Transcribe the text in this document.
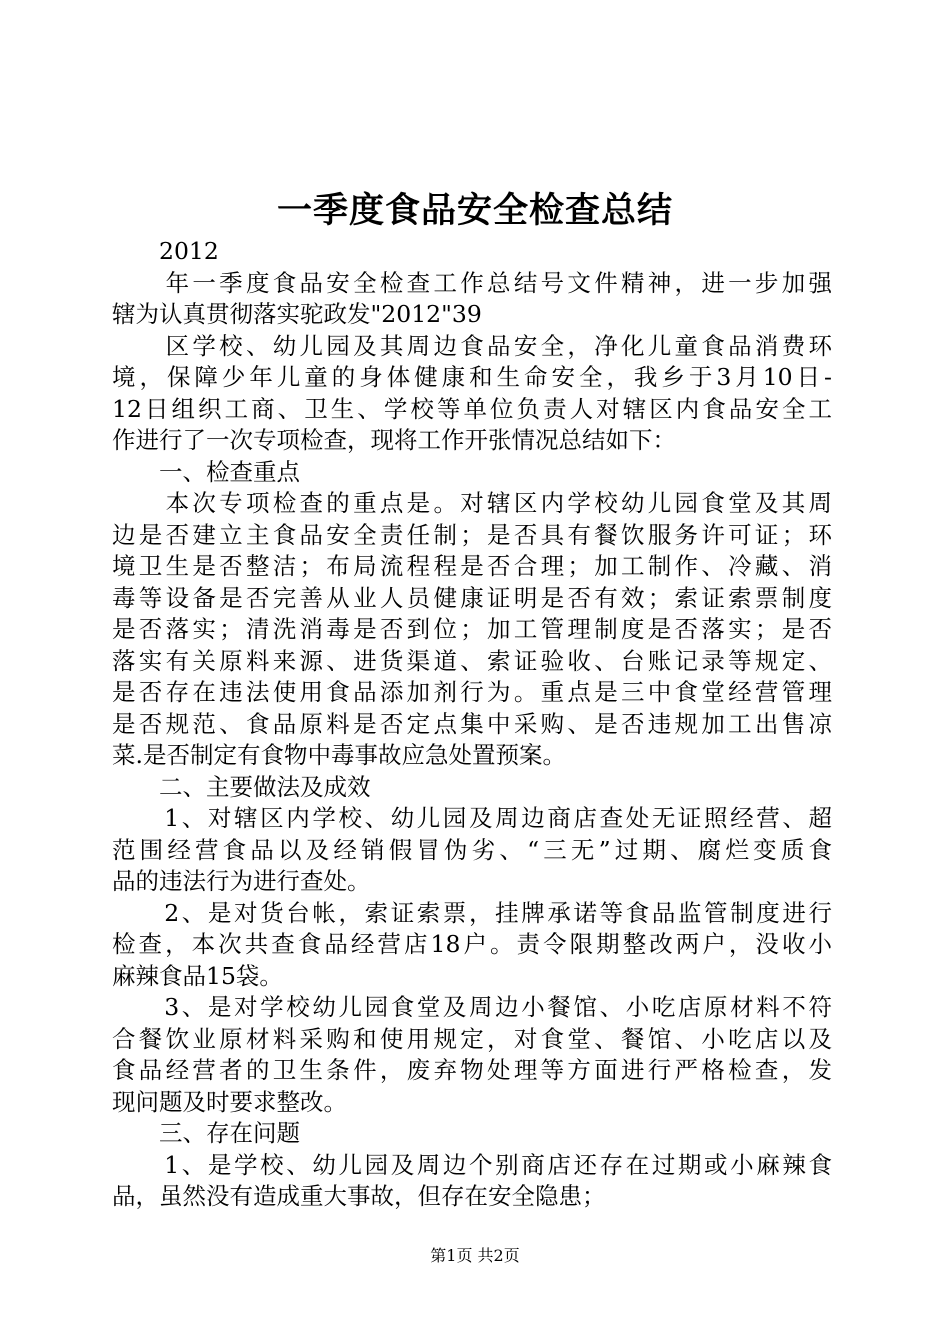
一季度食品安全检查总结
　　2012
　　年一季度食品安全检查工作总结号文件精神，进一步加强
辖为认真贯彻落实驼政发"2012"39
　　区学校、幼儿园及其周边食品安全，净化儿童食品消费环
境，保障少年儿童的身体健康和生命安全，我乡于3月10日-
12日组织工商、卫生、学校等单位负责人对辖区内食品安全工
作进行了一次专项检查，现将工作开张情况总结如下：
　　一、检查重点
　　本次专项检查的重点是。对辖区内学校幼儿园食堂及其周
边是否建立主食品安全责任制；是否具有餐饮服务许可证；环
境卫生是否整洁；布局流程程是否合理；加工制作、冷藏、消
毒等设备是否完善从业人员健康证明是否有效；索证索票制度
是否落实；清洗消毒是否到位；加工管理制度是否落实；是否
落实有关原料来源、进货渠道、索证验收、台账记录等规定、
是否存在违法使用食品添加剂行为。重点是三中食堂经营管理
是否规范、食品原料是否定点集中采购、是否违规加工出售凉
菜.是否制定有食物中毒事故应急处置预案。
　　二、主要做法及成效
　　1、对辖区内学校、幼儿园及周边商店查处无证照经营、超
范围经营食品以及经销假冒伪劣、“三无”过期、腐烂变质食
品的违法行为进行查处。
　　2、是对货台帐，索证索票，挂牌承诺等食品监管制度进行
检查，本次共查食品经营店18户。责令限期整改两户，没收小
麻辣食品15袋。
　　3、是对学校幼儿园食堂及周边小餐馆、小吃店原材料不符
合餐饮业原材料采购和使用规定，对食堂、餐馆、小吃店以及
食品经营者的卫生条件，废弃物处理等方面进行严格检查，发
现问题及时要求整改。
　　三、存在问题
　　1、是学校、幼儿园及周边个别商店还存在过期或小麻辣食
品，虽然没有造成重大事故，但存在安全隐患；
第1页 共2页
